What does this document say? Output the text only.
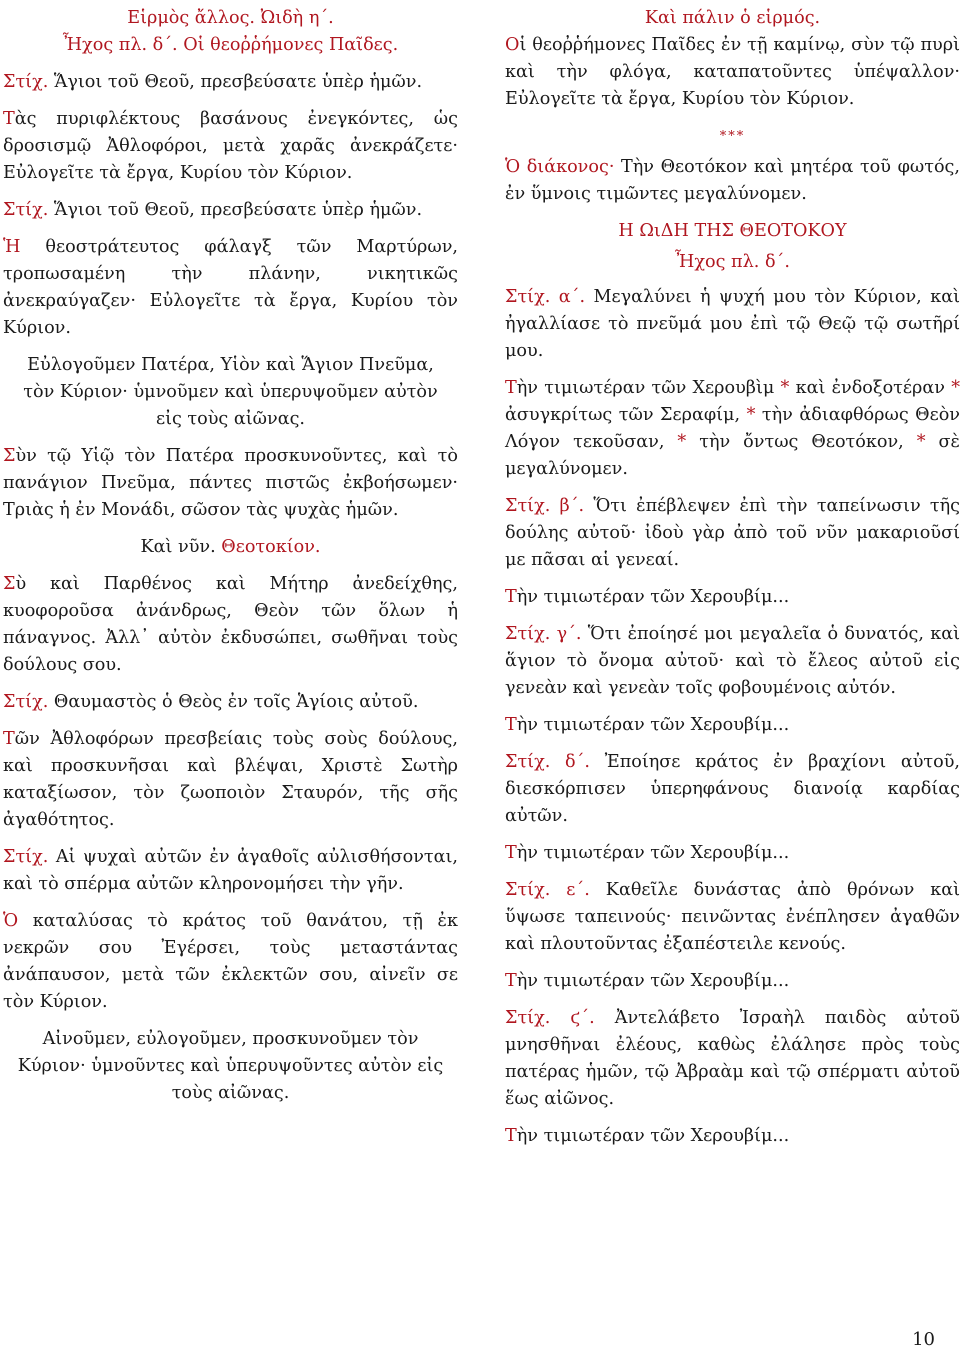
Εἱρμὸς ἄλλος. Ὠιδὴ η΄.
Ἦχος πλ. δ΄. Οἱ θεοῤῥήμονες Παῖδες.

Στίχ. Ἅγιοι τοῦ Θεοῦ, πρεσβεύσατε ὑπὲρ ἡμῶν.

Τὰς πυριφλέκτους βασάνους ἐνεγκόντες, ὡς δροσισμῷ Ἀθλοφόροι, μετὰ χαρᾶς ἀνεκράζετε· Εὐλογεῖτε τὰ ἔργα, Κυρίου τὸν Κύριον.

Στίχ. Ἅγιοι τοῦ Θεοῦ, πρεσβεύσατε ὑπὲρ ἡμῶν.

Ἡ θεοστράτευτος φάλαγξ τῶν Μαρτύρων, τροπωσαμένη τὴν πλάνην, νικητικῶς ἀνεκραύγαζεν· Εὐλογεῖτε τὰ ἔργα, Κυρίου τὸν Κύριον.

Εὐλογοῦμεν Πατέρα, Υἱὸν καὶ Ἅγιον Πνεῦμα, τὸν Κύριον· ὑμνοῦμεν καὶ ὑπερυψοῦμεν αὐτὸν εἰς τοὺς αἰῶνας.

Σὺν τῷ Υἱῷ τὸν Πατέρα προσκυνοῦντες, καὶ τὸ πανάγιον Πνεῦμα, πάντες πιστῶς ἐκβοήσωμεν· Τριὰς ἡ ἐν Μονάδι, σῶσον τὰς ψυχὰς ἡμῶν.

Καὶ νῦν. Θεοτοκίον.

Σὺ καὶ Παρθένος καὶ Μήτηρ ἀνεδείχθης, κυοφοροῦσα ἀνάνδρως, Θεὸν τῶν ὅλων ἡ πάναγνος. Ἀλλ᾽ αὐτὸν ἐκδυσώπει, σωθῆναι τοὺς δούλους σου.

Στίχ. Θαυμαστὸς ὁ Θεὸς ἐν τοῖς Ἁγίοις αὐτοῦ.

Τῶν Ἀθλοφόρων πρεσβείαις τοὺς σοὺς δούλους, καὶ προσκυνῆσαι καὶ βλέψαι, Χριστὲ Σωτὴρ καταξίωσον, τὸν ζωοποιὸν Σταυρόν, τῆς σῆς ἀγαθότητος.

Στίχ. Αἱ ψυχαὶ αὐτῶν ἐν ἀγαθοῖς αὐλισθήσονται, καὶ τὸ σπέρμα αὐτῶν κληρονομήσει τὴν γῆν.

Ὁ καταλύσας τὸ κράτος τοῦ θανάτου, τῇ ἐκ νεκρῶν σου Ἐγέρσει, τοὺς μεταστάντας ἀνάπαυσον, μετὰ τῶν ἐκλεκτῶν σου, αἰνεῖν σε τὸν Κύριον.

Αἰνοῦμεν, εὐλογοῦμεν, προσκυνοῦμεν τὸν Κύριον· ὑμνοῦντες καὶ ὑπερυψοῦντες αὐτὸν εἰς τοὺς αἰῶνας.

Καὶ πάλιν ὁ εἱρμός.

Οἱ θεοῤῥήμονες Παῖδες ἐν τῇ καμίνῳ, σὺν τῷ πυρὶ καὶ τὴν φλόγα, καταπατοῦντες ὑπέψαλλον· Εὐλογεῖτε τὰ ἔργα, Κυρίου τὸν Κύριον.

***

Ὁ διάκονος· Τὴν Θεοτόκον καὶ μητέρα τοῦ φωτός, ἐν ὕμνοις τιμῶντες μεγαλύνομεν.

Η ΩιΔΗ ΤΗΣ ΘΕΟΤΟΚΟΥ
Ἦχος πλ. δ΄.

Στίχ. α΄. Μεγαλύνει ἡ ψυχή μου τὸν Κύριον, καὶ ἠγαλλίασε τὸ πνεῦμά μου ἐπὶ τῷ Θεῷ τῷ σωτῆρί μου.

Τὴν τιμιωτέραν τῶν Χερουβὶμ * καὶ ἐνδοξοτέραν * ἀσυγκρίτως τῶν Σεραφίμ, * τὴν ἀδιαφθόρως Θεὸν Λόγον τεκοῦσαν, * τὴν ὄντως Θεοτόκον, * σὲ μεγαλύνομεν.

Στίχ. β΄. Ὅτι ἐπέβλεψεν ἐπὶ τὴν ταπείνωσιν τῆς δούλης αὐτοῦ· ἰδοὺ γὰρ ἀπὸ τοῦ νῦν μακαριοῦσί με πᾶσαι αἱ γενεαί.

Τὴν τιμιωτέραν τῶν Χερουβίμ...

Στίχ. γ΄. Ὅτι ἐποίησέ μοι μεγαλεῖα ὁ δυνατός, καὶ ἅγιον τὸ ὄνομα αὐτοῦ· καὶ τὸ ἔλεος αὐτοῦ εἰς γενεὰν καὶ γενεὰν τοῖς φοβουμένοις αὐτόν.

Τὴν τιμιωτέραν τῶν Χερουβίμ...

Στίχ. δ΄. Ἐποίησε κράτος ἐν βραχίονι αὐτοῦ, διεσκόρπισεν ὑπερηφάνους διανοίᾳ καρδίας αὐτῶν.

Τὴν τιμιωτέραν τῶν Χερουβίμ...

Στίχ. ε΄. Καθεῖλε δυνάστας ἀπὸ θρόνων καὶ ὕψωσε ταπεινούς· πεινῶντας ἐνέπλησεν ἀγαθῶν καὶ πλουτοῦντας ἐξαπέστειλε κενούς.

Τὴν τιμιωτέραν τῶν Χερουβίμ...

Στίχ. ϛ΄. Ἀντελάβετο Ἰσραὴλ παιδὸς αὐτοῦ μνησθῆναι ἐλέους, καθὼς ἐλάλησε πρὸς τοὺς πατέρας ἡμῶν, τῷ Ἀβραὰμ καὶ τῷ σπέρματι αὐτοῦ ἕως αἰῶνος.

Τὴν τιμιωτέραν τῶν Χερουβίμ...

10
